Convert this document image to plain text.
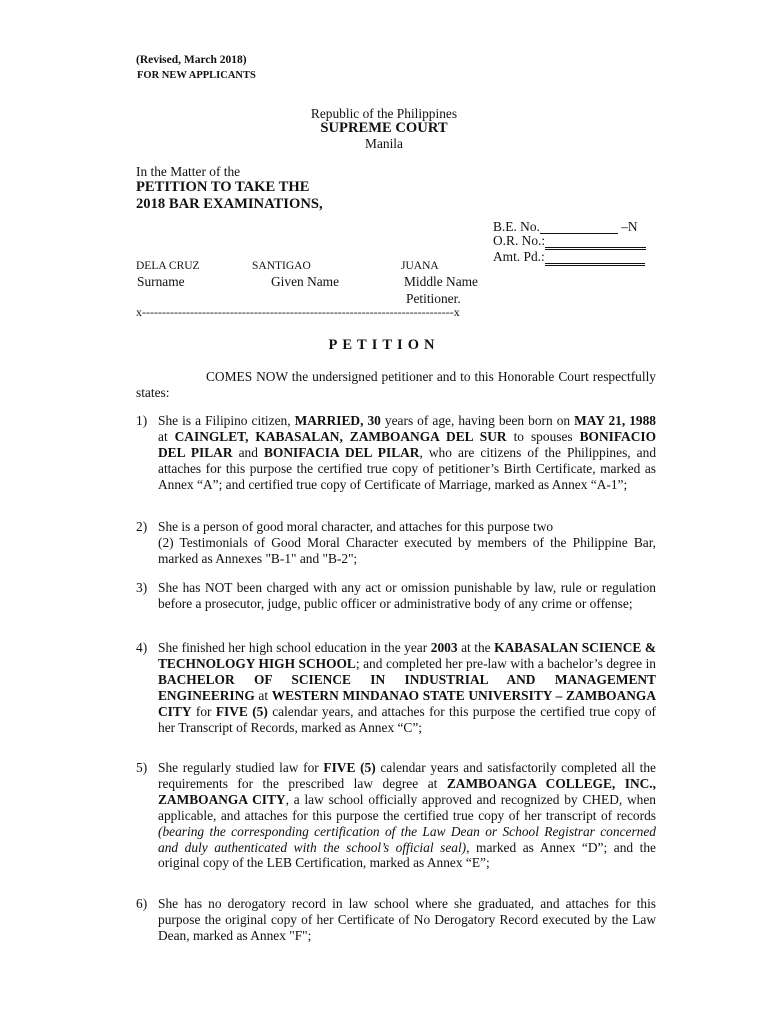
(Revised, March 2018)
FOR NEW APPLICANTS
Republic of the Philippines
SUPREME COURT
Manila
In the Matter of the
PETITION TO TAKE THE
2018 BAR EXAMINATIONS,
B.E. No.	–N
O.R. No.:
Amt. Pd.:
DELA CRUZ	SANTIGAO	JUANA
Surname	Given Name	Middle Name
Petitioner.
x------------------------------------------------------------------------------x
PETITION
COMES NOW the undersigned petitioner and to this Honorable Court respectfully states:
1) She is a Filipino citizen, MARRIED, 30 years of age, having been born on MAY 21, 1988 at CAINGLET, KABASALAN, ZAMBOANGA DEL SUR to spouses BONIFACIO DEL PILAR and BONIFACIA DEL PILAR, who are citizens of the Philippines, and attaches for this purpose the certified true copy of petitioner’s Birth Certificate, marked as Annex “A”; and certified true copy of Certificate of Marriage, marked as Annex “A-1”;
2) She is a person of good moral character, and attaches for this purpose two
(2) Testimonials of Good Moral Character executed by members of the Philippine Bar, marked as Annexes "B-1" and "B-2";
3) She has NOT been charged with any act or omission punishable by law, rule or regulation before a prosecutor, judge, public officer or administrative body of any crime or offense;
4) She finished her high school education in the year 2003 at the KABASALAN SCIENCE & TECHNOLOGY HIGH SCHOOL; and completed her pre-law with a bachelor’s degree in BACHELOR OF SCIENCE IN INDUSTRIAL AND MANAGEMENT ENGINEERING at WESTERN MINDANAO STATE UNIVERSITY – ZAMBOANGA CITY for FIVE (5) calendar years, and attaches for this purpose the certified true copy of her Transcript of Records, marked as Annex “C”;
5) She regularly studied law for FIVE (5) calendar years and satisfactorily completed all the requirements for the prescribed law degree at ZAMBOANGA COLLEGE, INC., ZAMBOANGA CITY, a law school officially approved and recognized by CHED, when applicable, and attaches for this purpose the certified true copy of her transcript of records (bearing the corresponding certification of the Law Dean or School Registrar concerned and duly authenticated with the school’s official seal), marked as Annex “D”; and the original copy of the LEB Certification, marked as Annex “E”;
6) She has no derogatory record in law school where she graduated, and attaches for this purpose the original copy of her Certificate of No Derogatory Record executed by the Law Dean, marked as Annex "F";
